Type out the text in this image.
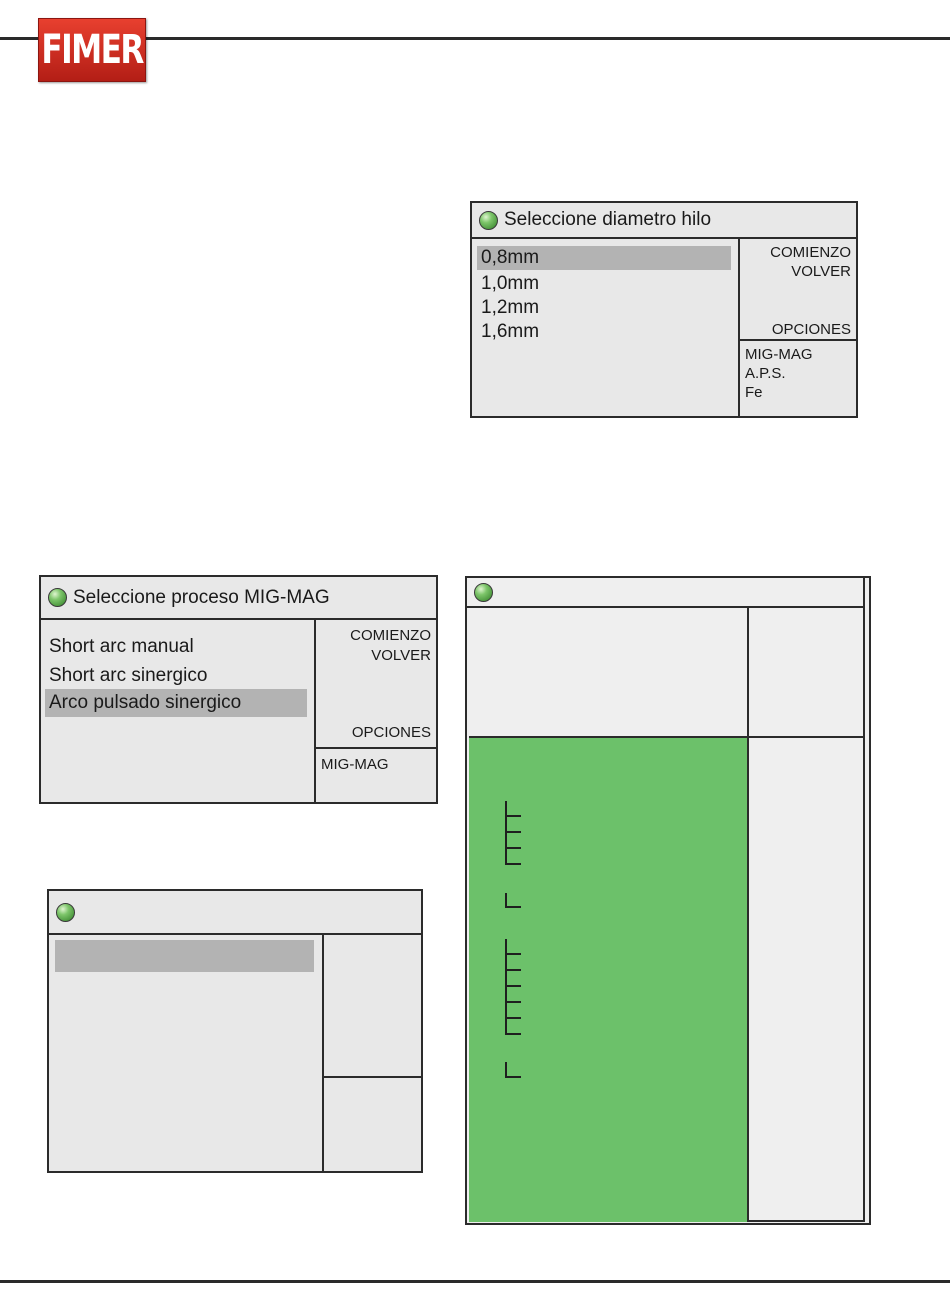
FIMER
Seleccione diametro hilo
0,8mm
1,0mm
1,2mm
1,6mm
COMIENZO
VOLVER
OPCIONES
MIG-MAG
A.P.S.
Fe
Seleccione proceso MIG-MAG
Short arc manual
Short arc sinergico
Arco pulsado sinergico
COMIENZO
VOLVER
OPCIONES
MIG-MAG
